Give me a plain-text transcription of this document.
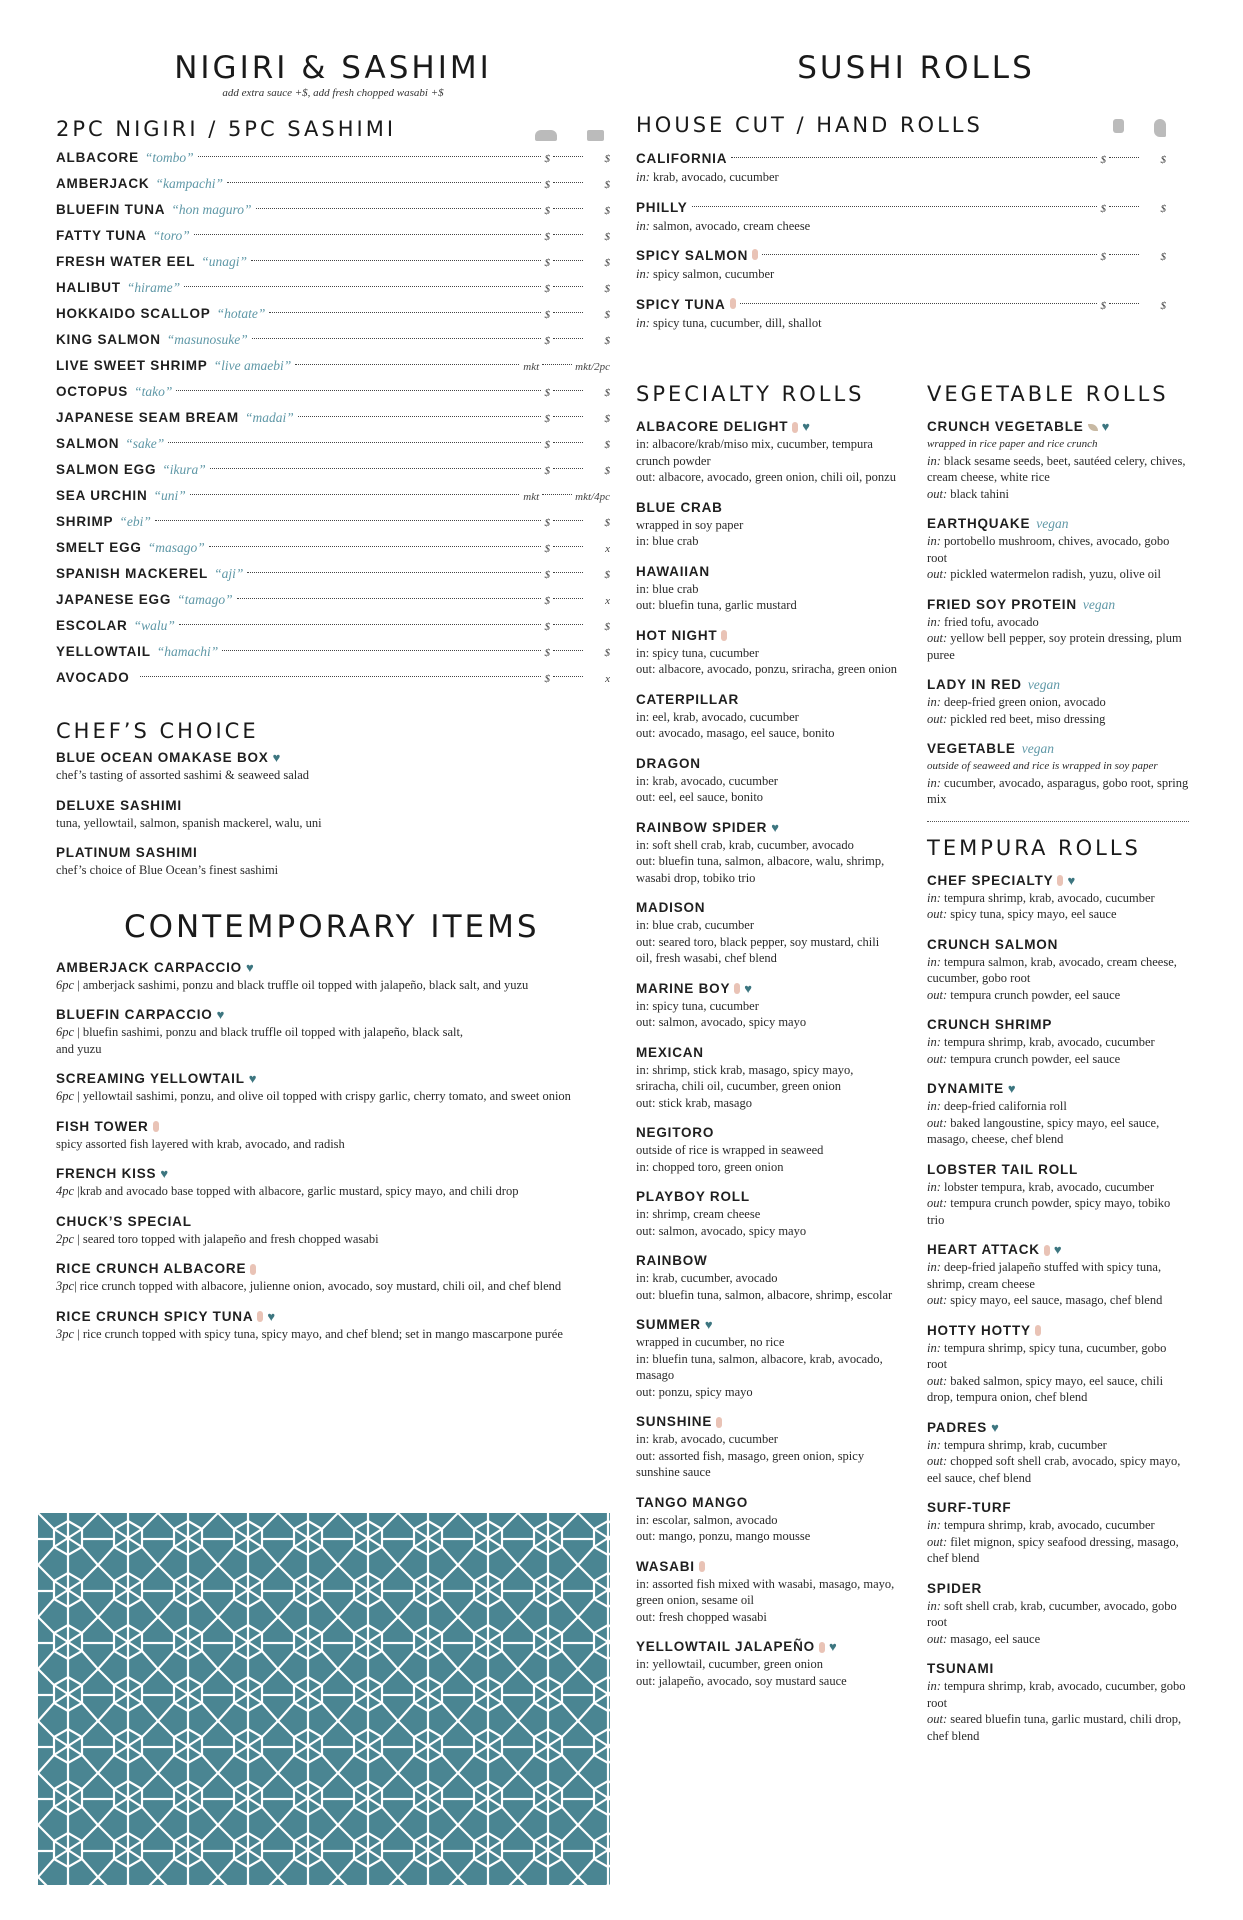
NIGIRI & SASHIMI
add extra sauce +$, add fresh chopped wasabi +$
2PC NIGIRI / 5PC SASHIMI
ALBACORE “tombo”	$	$
AMBERJACK “kampachi”	$	$
BLUEFIN TUNA “hon maguro”	$	$
FATTY TUNA “toro”	$	$
FRESH WATER EEL “unagi”	$	$
HALIBUT “hirame”	$	$
HOKKAIDO SCALLOP “hotate”	$	$
KING SALMON “masunosuke”	$	$
LIVE SWEET SHRIMP “live amaebi”	mkt	mkt/2pc
OCTOPUS “tako”	$	$
JAPANESE SEAM BREAM “madai”	$	$
SALMON “sake”	$	$
SALMON EGG “ikura”	$	$
SEA URCHIN “uni”	mkt	mkt/4pc
SHRIMP “ebi”	$	$
SMELT EGG “masago”	$	x
SPANISH MACKEREL “aji”	$	$
JAPANESE EGG “tamago”	$	x
ESCOLAR “walu”	$	$
YELLOWTAIL “hamachi”	$	$
AVOCADO	$	x
CHEF’S CHOICE
BLUE OCEAN OMAKASE BOX ♥
chef’s tasting of assorted sashimi & seaweed salad
DELUXE SASHIMI
tuna, yellowtail, salmon, spanish mackerel, walu, uni
PLATINUM SASHIMI
chef’s choice of Blue Ocean’s finest sashimi
CONTEMPORARY ITEMS
AMBERJACK CARPACCIO ♥
6pc | amberjack sashimi, ponzu and black truffle oil topped with jalapeño, black salt, and yuzu
BLUEFIN CARPACCIO ♥
6pc | bluefin sashimi, ponzu and black truffle oil topped with jalapeño, black salt, and yuzu
SCREAMING YELLOWTAIL ♥
6pc | yellowtail sashimi, ponzu, and olive oil topped with crispy garlic, cherry tomato, and sweet onion
FISH TOWER
spicy assorted fish layered with krab, avocado, and radish
FRENCH KISS ♥
4pc |krab and avocado base topped with albacore, garlic mustard, spicy mayo, and chili drop
CHUCK’S SPECIAL
2pc | seared toro topped with jalapeño and fresh chopped wasabi
RICE CRUNCH ALBACORE
3pc| rice crunch topped with albacore, julienne onion, avocado, soy mustard, chili oil, and chef blend
RICE CRUNCH SPICY TUNA ♥
3pc | rice crunch topped with spicy tuna, spicy mayo, and chef blend; set in mango mascarpone purée
SUSHI ROLLS
HOUSE CUT / HAND ROLLS
CALIFORNIA	$	$
in: krab, avocado, cucumber
PHILLY	$	$
in: salmon, avocado, cream cheese
SPICY SALMON	$	$
in: spicy salmon, cucumber
SPICY TUNA	$	$
in: spicy tuna, cucumber, dill, shallot
SPECIALTY ROLLS
ALBACORE DELIGHT ♥
in: albacore/krab/miso mix, cucumber, tempura crunch powder
out: albacore, avocado, green onion, chili oil, ponzu
BLUE CRAB
wrapped in soy paper
in: blue crab
HAWAIIAN
in: blue crab
out: bluefin tuna, garlic mustard
HOT NIGHT
in: spicy tuna, cucumber
out: albacore, avocado, ponzu, sriracha, green onion
CATERPILLAR
in: eel, krab, avocado, cucumber
out: avocado, masago, eel sauce, bonito
DRAGON
in: krab, avocado, cucumber
out: eel, eel sauce, bonito
RAINBOW SPIDER ♥
in: soft shell crab, krab, cucumber, avocado
out: bluefin tuna, salmon, albacore, walu, shrimp, wasabi drop, tobiko trio
MADISON
in: blue crab, cucumber
out: seared toro, black pepper, soy mustard, chili oil, fresh wasabi, chef blend
MARINE BOY ♥
in: spicy tuna, cucumber
out: salmon, avocado, spicy mayo
MEXICAN
in: shrimp, stick krab, masago, spicy mayo, sriracha, chili oil, cucumber, green onion
out: stick krab, masago
NEGITORO
outside of rice is wrapped in seaweed
in: chopped toro, green onion
PLAYBOY ROLL
in: shrimp, cream cheese
out: salmon, avocado, spicy mayo
RAINBOW
in: krab, cucumber, avocado
out: bluefin tuna, salmon, albacore, shrimp, escolar
SUMMER ♥
wrapped in cucumber, no rice
in: bluefin tuna, salmon, albacore, krab, avocado, masago
out: ponzu, spicy mayo
SUNSHINE
in: krab, avocado, cucumber
out: assorted fish, masago, green onion, spicy sunshine sauce
TANGO MANGO
in: escolar, salmon, avocado
out: mango, ponzu, mango mousse
WASABI
in: assorted fish mixed with wasabi, masago, mayo, green onion, sesame oil
out: fresh chopped wasabi
YELLOWTAIL JALAPEÑO ♥
in: yellowtail, cucumber, green onion
out: jalapeño, avocado, soy mustard sauce
VEGETABLE ROLLS
CRUNCH VEGETABLE ♥
wrapped in rice paper and rice crunch
in: black sesame seeds, beet, sautéed celery, chives, cream cheese, white rice
out: black tahini
EARTHQUAKE vegan
in: portobello mushroom, chives, avocado, gobo root
out: pickled watermelon radish, yuzu, olive oil
FRIED SOY PROTEIN vegan
in: fried tofu, avocado
out: yellow bell pepper, soy protein dressing, plum puree
LADY IN RED vegan
in: deep-fried green onion, avocado
out: pickled red beet, miso dressing
VEGETABLE vegan
outside of seaweed and rice is wrapped in soy paper
in: cucumber, avocado, asparagus, gobo root, spring mix
TEMPURA ROLLS
CHEF SPECIALTY ♥
in: tempura shrimp, krab, avocado, cucumber
out: spicy tuna, spicy mayo, eel sauce
CRUNCH SALMON
in: tempura salmon, krab, avocado, cream cheese, cucumber, gobo root
out: tempura crunch powder, eel sauce
CRUNCH SHRIMP
in: tempura shrimp, krab, avocado, cucumber
out: tempura crunch powder, eel sauce
DYNAMITE ♥
in: deep-fried california roll
out: baked langoustine, spicy mayo, eel sauce, masago, cheese, chef blend
LOBSTER TAIL ROLL
in: lobster tempura, krab, avocado, cucumber
out: tempura crunch powder, spicy mayo, tobiko trio
HEART ATTACK ♥
in: deep-fried jalapeño stuffed with spicy tuna, shrimp, cream cheese
out: spicy mayo, eel sauce, masago, chef blend
HOTTY HOTTY
in: tempura shrimp, spicy tuna, cucumber, gobo root
out: baked salmon, spicy mayo, eel sauce, chili drop, tempura onion, chef blend
PADRES ♥
in: tempura shrimp, krab, cucumber
out: chopped soft shell crab, avocado, spicy mayo, eel sauce, chef blend
SURF-TURF
in: tempura shrimp, krab, avocado, cucumber
out: filet mignon, spicy seafood dressing, masago, chef blend
SPIDER
in: soft shell crab, krab, cucumber, avocado, gobo root
out: masago, eel sauce
TSUNAMI
in: tempura shrimp, krab, avocado, cucumber, gobo root
out: seared bluefin tuna, garlic mustard, chili drop, chef blend
